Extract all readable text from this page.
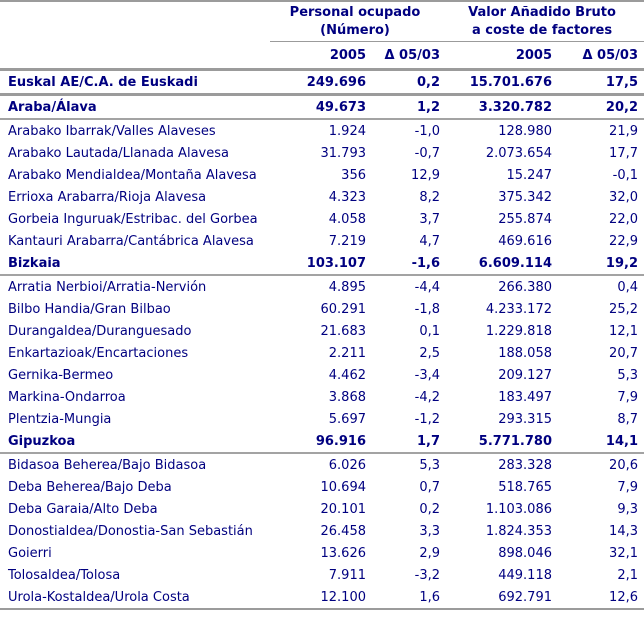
Personal ocupado
(Número)
Valor Añadido Bruto
a coste de factores
	2005	Δ 05/03	2005	Δ 05/03
Euskal AE/C.A. de Euskadi	249.696	0,2	15.701.676	17,5
Araba/Álava	49.673	1,2	3.320.782	20,2
Arabako Ibarrak/Valles Alaveses	1.924	-1,0	128.980	21,9
Arabako Lautada/Llanada Alavesa	31.793	-0,7	2.073.654	17,7
Arabako Mendialdea/Montaña Alavesa	356	12,9	15.247	-0,1
Errioxa Arabarra/Rioja Alavesa	4.323	8,2	375.342	32,0
Gorbeia Inguruak/Estribac. del Gorbea	4.058	3,7	255.874	22,0
Kantauri Arabarra/Cantábrica Alavesa	7.219	4,7	469.616	22,9
Bizkaia	103.107	-1,6	6.609.114	19,2
Arratia Nerbioi/Arratia-Nervión	4.895	-4,4	266.380	0,4
Bilbo Handia/Gran Bilbao	60.291	-1,8	4.233.172	25,2
Durangaldea/Duranguesado	21.683	0,1	1.229.818	12,1
Enkartazioak/Encartaciones	2.211	2,5	188.058	20,7
Gernika-Bermeo	4.462	-3,4	209.127	5,3
Markina-Ondarroa	3.868	-4,2	183.497	7,9
Plentzia-Mungia	5.697	-1,2	293.315	8,7
Gipuzkoa	96.916	1,7	5.771.780	14,1
Bidasoa Beherea/Bajo Bidasoa	6.026	5,3	283.328	20,6
Deba Beherea/Bajo Deba	10.694	0,7	518.765	7,9
Deba Garaia/Alto Deba	20.101	0,2	1.103.086	9,3
Donostialdea/Donostia-San Sebastián	26.458	3,3	1.824.353	14,3
Goierri	13.626	2,9	898.046	32,1
Tolosaldea/Tolosa	7.911	-3,2	449.118	2,1
Urola-Kostaldea/Urola Costa	12.100	1,6	692.791	12,6
